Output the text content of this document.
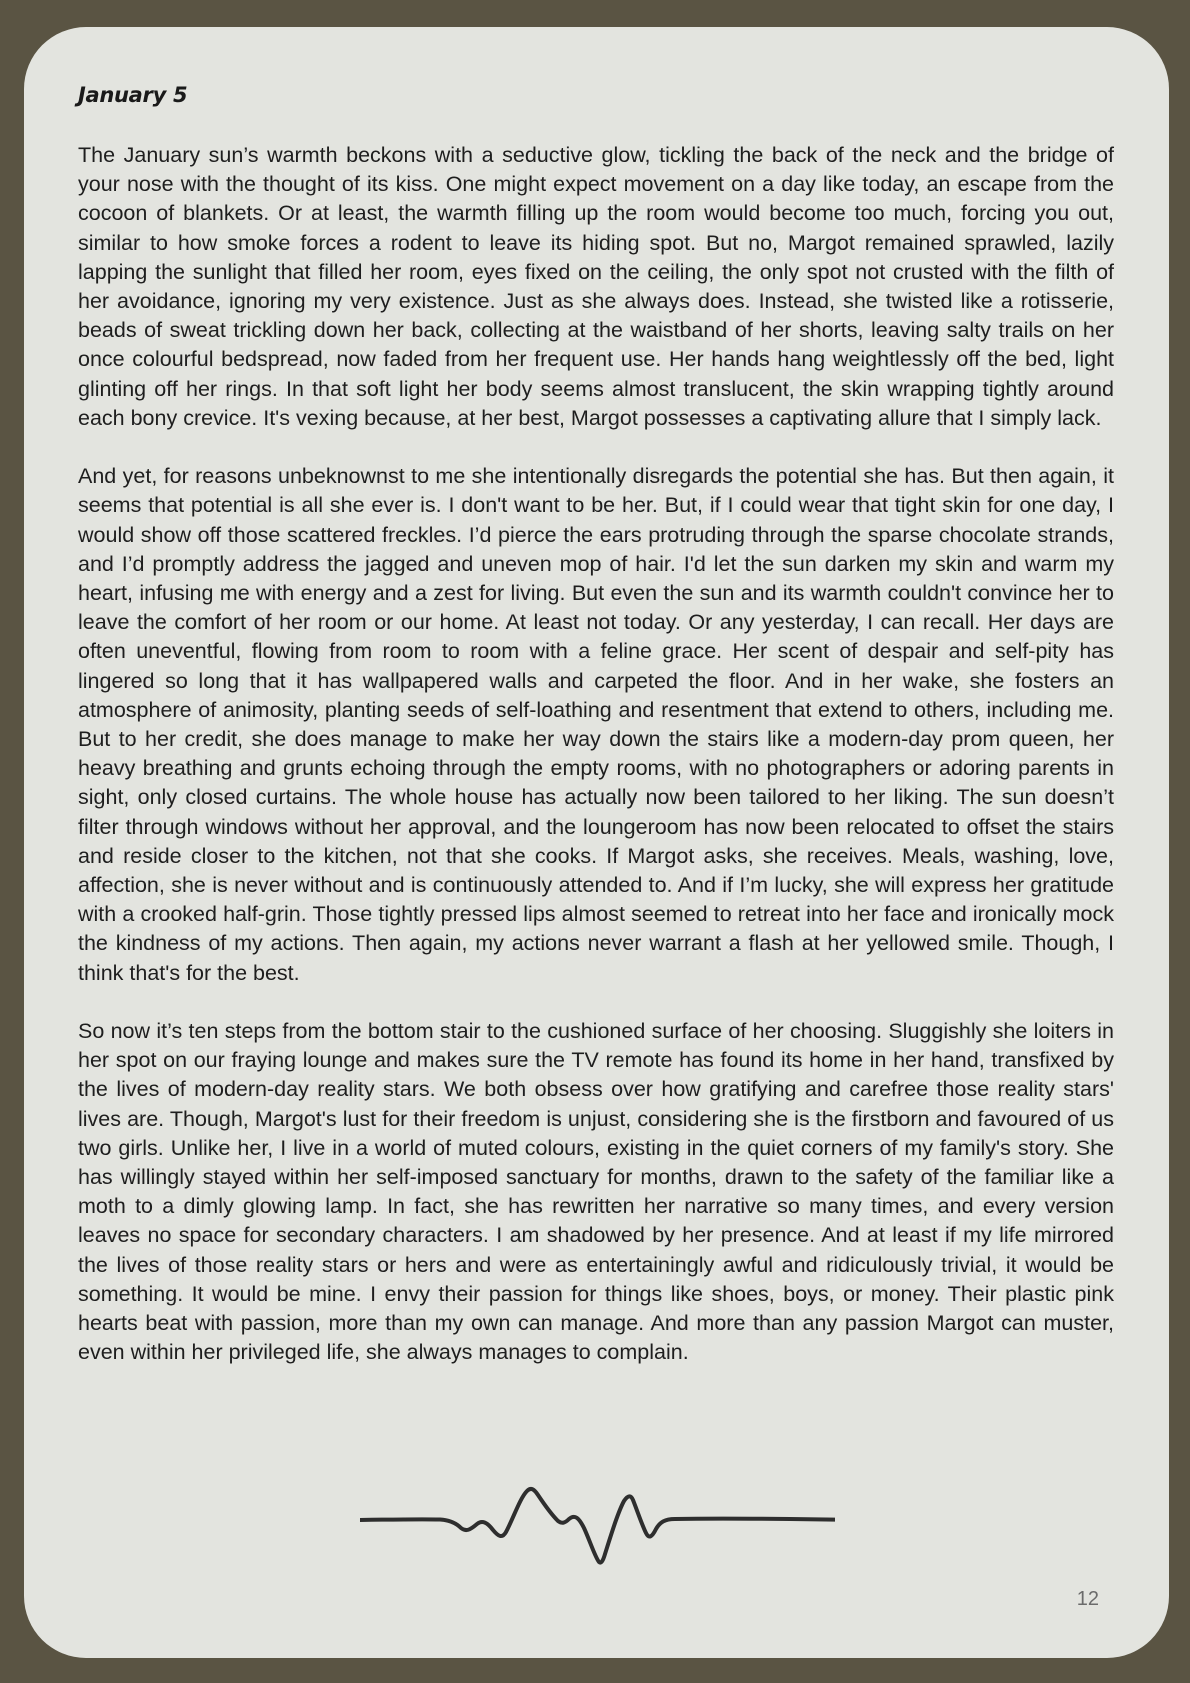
January 5

The January sun’s warmth beckons with a seductive glow, tickling the back of the neck and the bridge of your nose with the thought of its kiss. One might expect movement on a day like today, an escape from the cocoon of blankets. Or at least, the warmth filling up the room would become too much, forcing you out, similar to how smoke forces a rodent to leave its hiding spot. But no, Margot remained sprawled, lazily lapping the sunlight that filled her room, eyes fixed on the ceiling, the only spot not crusted with the filth of her avoidance, ignoring my very existence. Just as she always does. Instead, she twisted like a rotisserie, beads of sweat trickling down her back, collecting at the waistband of her shorts, leaving salty trails on her once colourful bedspread, now faded from her frequent use. Her hands hang weightlessly off the bed, light glinting off her rings. In that soft light her body seems almost translucent, the skin wrapping tightly around each bony crevice. It's vexing because, at her best, Margot possesses a captivating allure that I simply lack.

And yet, for reasons unbeknownst to me she intentionally disregards the potential she has. But then again, it seems that potential is all she ever is. I don't want to be her. But, if I could wear that tight skin for one day, I would show off those scattered freckles. I’d pierce the ears protruding through the sparse chocolate strands, and I’d promptly address the jagged and uneven mop of hair. I'd let the sun darken my skin and warm my heart, infusing me with energy and a zest for living. But even the sun and its warmth couldn't convince her to leave the comfort of her room or our home. At least not today. Or any yesterday, I can recall. Her days are often uneventful, flowing from room to room with a feline grace. Her scent of despair and self-pity has lingered so long that it has wallpapered walls and carpeted the floor. And in her wake, she fosters an atmosphere of animosity, planting seeds of self-loathing and resentment that extend to others, including me. But to her credit, she does manage to make her way down the stairs like a modern-day prom queen, her heavy breathing and grunts echoing through the empty rooms, with no photographers or adoring parents in sight, only closed curtains. The whole house has actually now been tailored to her liking. The sun doesn’t filter through windows without her approval, and the loungeroom has now been relocated to offset the stairs and reside closer to the kitchen, not that she cooks. If Margot asks, she receives. Meals, washing, love, affection, she is never without and is continuously attended to. And if I’m lucky, she will express her gratitude with a crooked half-grin. Those tightly pressed lips almost seemed to retreat into her face and ironically mock the kindness of my actions. Then again, my actions never warrant a flash at her yellowed smile. Though, I think that's for the best.

So now it’s ten steps from the bottom stair to the cushioned surface of her choosing. Sluggishly she loiters in her spot on our fraying lounge and makes sure the TV remote has found its home in her hand, transfixed by the lives of modern-day reality stars. We both obsess over how gratifying and carefree those reality stars' lives are. Though, Margot's lust for their freedom is unjust, considering she is the firstborn and favoured of us two girls. Unlike her, I live in a world of muted colours, existing in the quiet corners of my family's story. She has willingly stayed within her self-imposed sanctuary for months, drawn to the safety of the familiar like a moth to a dimly glowing lamp. In fact, she has rewritten her narrative so many times, and every version leaves no space for secondary characters. I am shadowed by her presence. And at least if my life mirrored the lives of those reality stars or hers and were as entertainingly awful and ridiculously trivial, it would be something. It would be mine. I envy their passion for things like shoes, boys, or money. Their plastic pink hearts beat with passion, more than my own can manage. And more than any passion Margot can muster, even within her privileged life, she always manages to complain.

12
